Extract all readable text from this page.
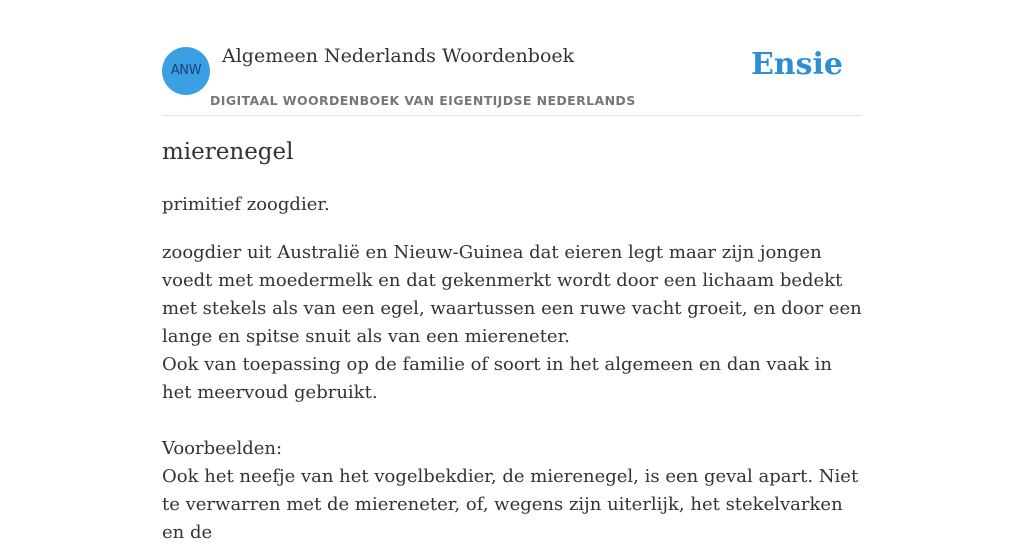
ANW
Algemeen Nederlands Woordenboek
DIGITAAL WOORDENBOEK VAN EIGENTIJDSE NEDERLANDS
Ensie
mierenegel

primitief zoogdier.

zoogdier uit Australië en Nieuw-Guinea dat eieren legt maar zijn jongen voedt met moedermelk en dat gekenmerkt wordt door een lichaam bedekt met stekels als van een egel, waartussen een ruwe vacht groeit, en door een lange en spitse snuit als van een miereneter.

Ook van toepassing op de familie of soort in het algemeen en dan vaak in het meervoud gebruikt.

Voorbeelden:

Ook het neefje van het vogelbekdier, de mierenegel, is een geval apart. Niet te verwarren met de miereneter, of, wegens zijn uiterlijk, het stekelvarken en de
